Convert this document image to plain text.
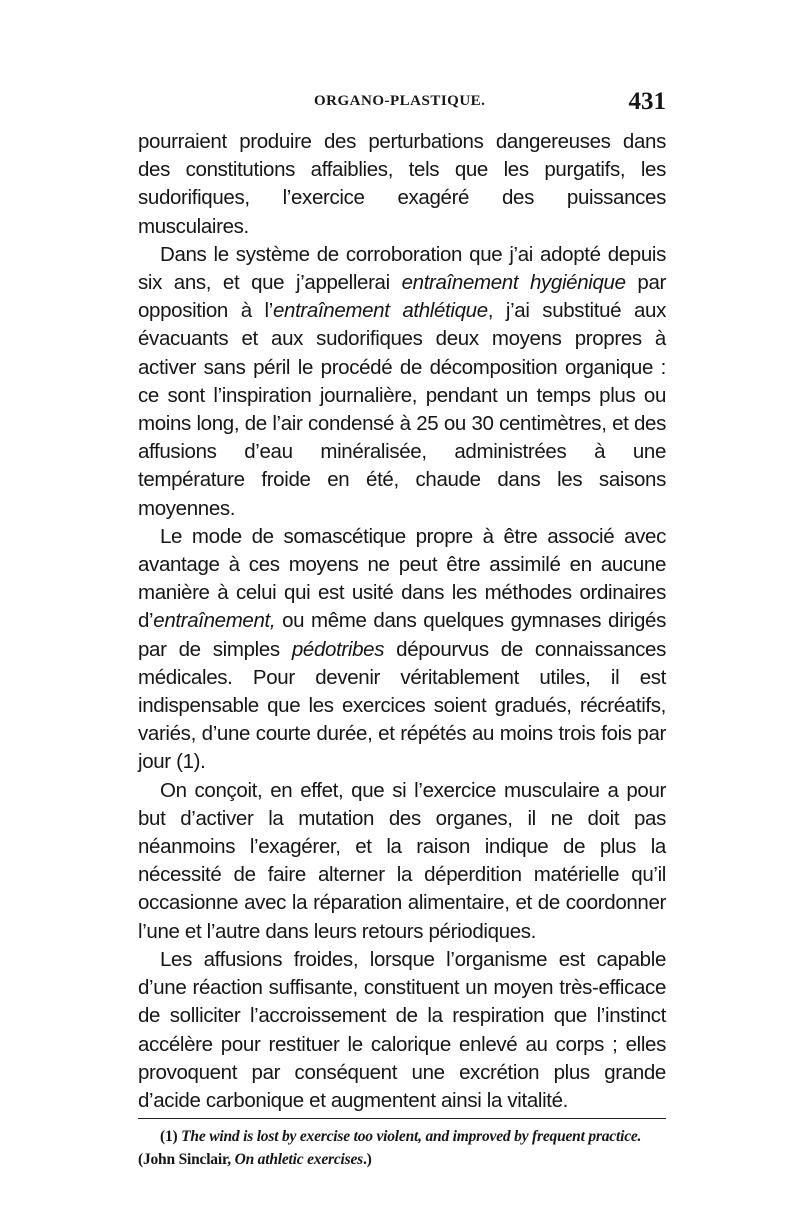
ORGANO-PLASTIQUE.	431

pourraient produire des perturbations dangereuses dans des constitutions affaiblies, tels que les purgatifs, les sudorifiques, l’exercice exagéré des puissances musculaires.

Dans le système de corroboration que j’ai adopté depuis six ans, et que j’appellerai entraînement hygiénique par opposition à l’entraînement athlétique, j’ai substitué aux évacuants et aux sudorifiques deux moyens propres à activer sans péril le procédé de décomposition organique : ce sont l’inspiration journalière, pendant un temps plus ou moins long, de l’air condensé à 25 ou 30 centimètres, et des affusions d’eau minéralisée, administrées à une température froide en été, chaude dans les saisons moyennes.

Le mode de somascétique propre à être associé avec avantage à ces moyens ne peut être assimilé en aucune manière à celui qui est usité dans les méthodes ordinaires d’entraînement, ou même dans quelques gymnases dirigés par de simples pédotribes dépourvus de connaissances médicales. Pour devenir véritablement utiles, il est indispensable que les exercices soient gradués, récréatifs, variés, d’une courte durée, et répétés au moins trois fois par jour (1).

On conçoit, en effet, que si l’exercice musculaire a pour but d’activer la mutation des organes, il ne doit pas néanmoins l’exagérer, et la raison indique de plus la nécessité de faire alterner la déperdition matérielle qu’il occasionne avec la réparation alimentaire, et de coordonner l’une et l’autre dans leurs retours périodiques.

Les affusions froides, lorsque l’organisme est capable d’une réaction suffisante, constituent un moyen très-efficace de solliciter l’accroissement de la respiration que l’instinct accélère pour restituer le calorique enlevé au corps ; elles provoquent par conséquent une excrétion plus grande d’acide carbonique et augmentent ainsi la vitalité.

(1) The wind is lost by exercise too violent, and improved by frequent practice. (John Sinclair, On athletic exercises.)
